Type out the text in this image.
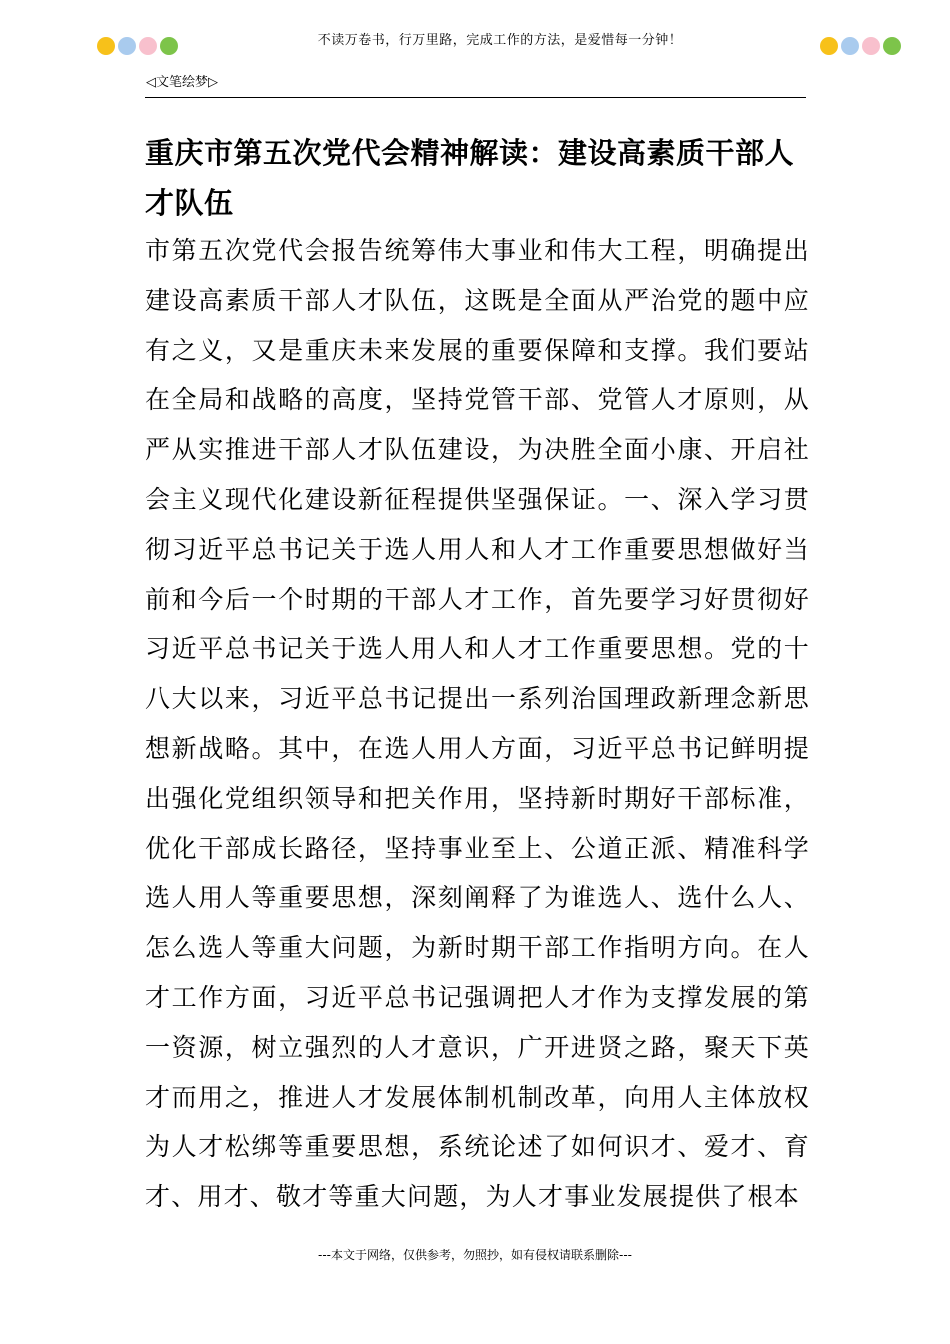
不读万卷书，行万里路，完成工作的方法，是爱惜每一分钟！
◁文笔绘梦▷
重庆市第五次党代会精神解读：建设高素质干部人才队伍

市第五次党代会报告统筹伟大事业和伟大工程，明确提出建设高素质干部人才队伍，这既是全面从严治党的题中应有之义，又是重庆未来发展的重要保障和支撑。我们要站在全局和战略的高度，坚持党管干部、党管人才原则，从严从实推进干部人才队伍建设，为决胜全面小康、开启社会主义现代化建设新征程提供坚强保证。一、深入学习贯彻习近平总书记关于选人用人和人才工作重要思想做好当前和今后一个时期的干部人才工作，首先要学习好贯彻好习近平总书记关于选人用人和人才工作重要思想。党的十八大以来，习近平总书记提出一系列治国理政新理念新思想新战略。其中，在选人用人方面，习近平总书记鲜明提出强化党组织领导和把关作用，坚持新时期好干部标准，优化干部成长路径，坚持事业至上、公道正派、精准科学选人用人等重要思想，深刻阐释了为谁选人、选什么人、怎么选人等重大问题，为新时期干部工作指明方向。在人才工作方面，习近平总书记强调把人才作为支撑发展的第一资源，树立强烈的人才意识，广开进贤之路，聚天下英才而用之，推进人才发展体制机制改革，向用人主体放权为人才松绑等重要思想，系统论述了如何识才、爱才、育才、用才、敬才等重大问题，为人才事业发展提供了根本

---本文于网络，仅供参考，勿照抄，如有侵权请联系删除---
